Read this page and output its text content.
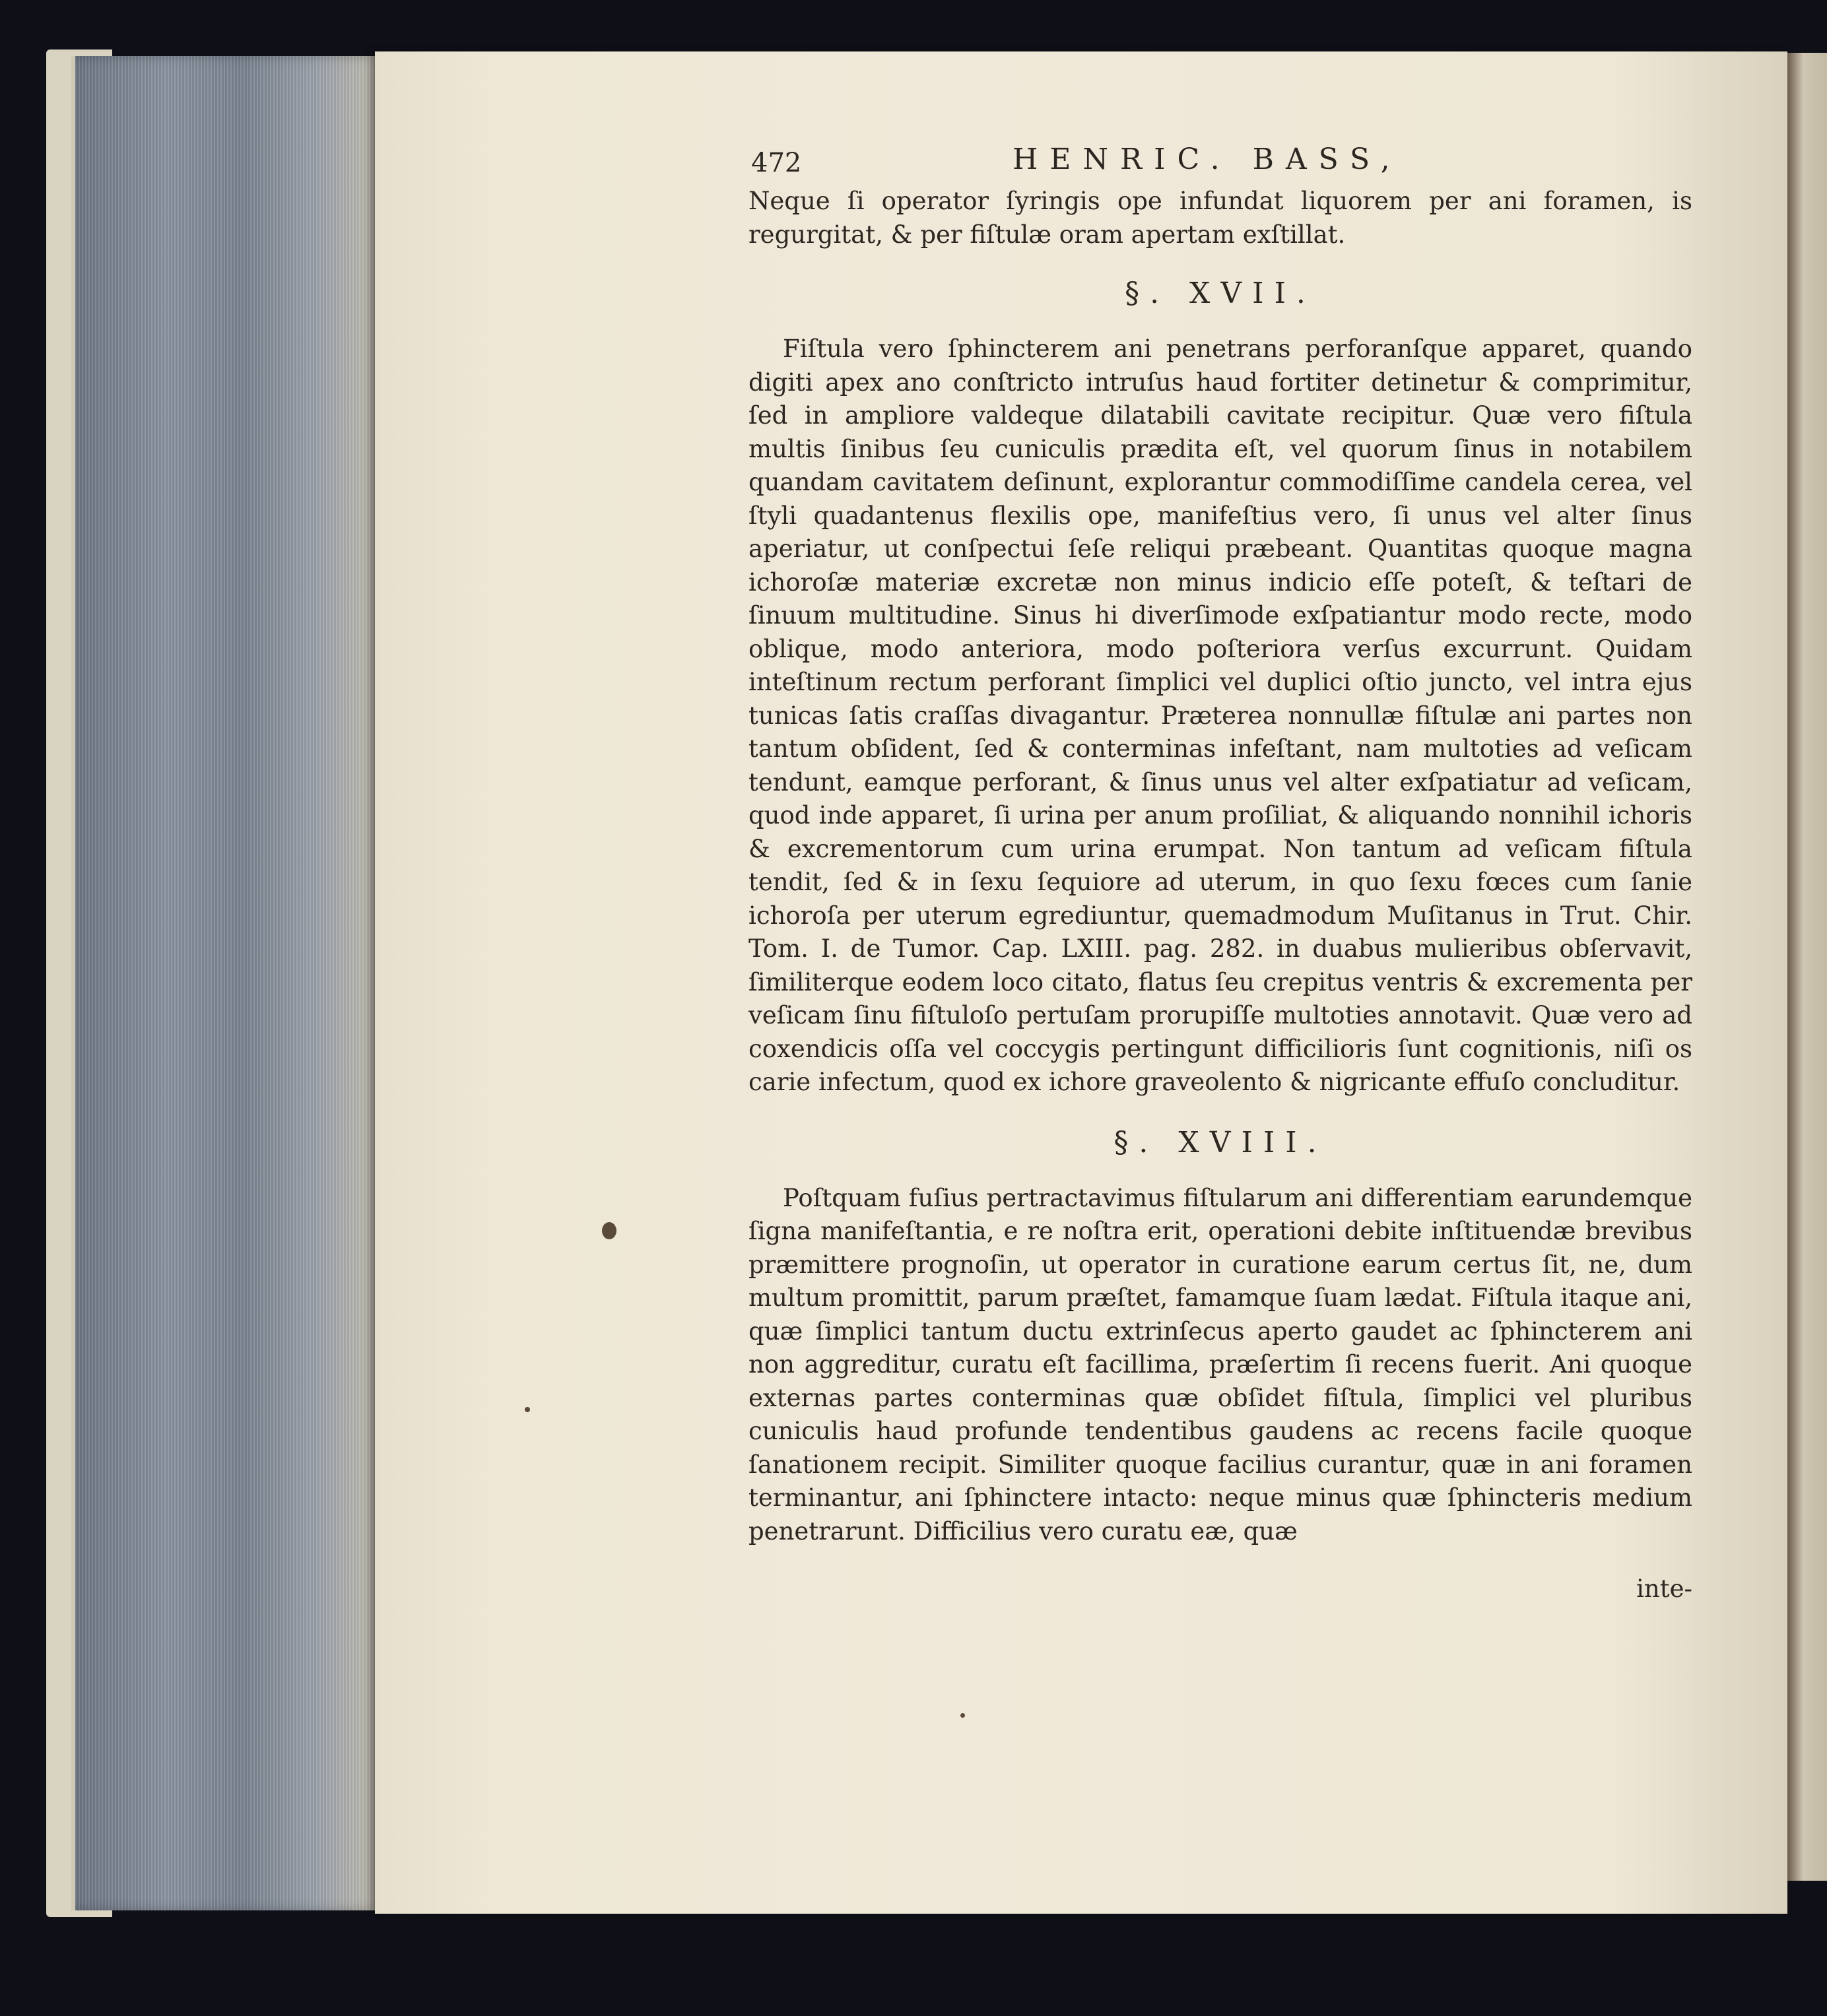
472	HENRIC. BASS,

Neque ſi operator ſyringis ope infundat liquorem per ani foramen, is regurgitat, & per fiſtulæ oram apertam exſtillat.

§. XVII.

Fiſtula vero ſphincterem ani penetrans perforanſque apparet, quando digiti apex ano conſtricto intruſus haud fortiter detinetur & comprimitur, ſed in ampliore valdeque dilatabili cavitate recipitur. Quæ vero fiſtula multis ſinibus ſeu cuniculis prædita eſt, vel quorum ſinus in notabilem quandam cavitatem deſinunt, explorantur commodiſſime candela cerea, vel ſtyli quadantenus flexilis ope, manifeſtius vero, ſi unus vel alter ſinus aperiatur, ut conſpectui ſeſe reliqui præbeant. Quantitas quoque magna ichoroſæ materiæ excretæ non minus indicio eſſe poteſt, & teſtari de ſinuum multitudine. Sinus hi diverſimode exſpatiantur modo recte, modo oblique, modo anteriora, modo poſteriora verſus excurrunt. Quidam inteſtinum rectum perforant ſimplici vel duplici oſtio juncto, vel intra ejus tunicas ſatis craſſas divagantur. Præterea nonnullæ fiſtulæ ani partes non tantum obſident, ſed & conterminas infeſtant, nam multoties ad veſicam tendunt, eamque perforant, & ſinus unus vel alter exſpatiatur ad veſicam, quod inde apparet, ſi urina per anum proſiliat, & aliquando nonnihil ichoris & excrementorum cum urina erumpat. Non tantum ad veſicam fiſtula tendit, ſed & in ſexu ſequiore ad uterum, in quo ſexu fœces cum ſanie ichoroſa per uterum egrediuntur, quemadmodum Muſitanus in Trut. Chir. Tom. I. de Tumor. Cap. LXIII. pag. 282. in duabus mulieribus obſervavit, ſimiliterque eodem loco citato, flatus ſeu crepitus ventris & excrementa per veſicam ſinu fiſtuloſo pertuſam prorupiſſe multoties annotavit. Quæ vero ad coxendicis oſſa vel coccygis pertingunt difficilioris ſunt cognitionis, niſi os carie infectum, quod ex ichore graveolento & nigricante effuſo concluditur.

§. XVIII.

Poſtquam fuſius pertractavimus fiſtularum ani differentiam earundemque ſigna manifeſtantia, e re noſtra erit, operationi debite inſtituendæ brevibus præmittere prognoſin, ut operator in curatione earum certus ſit, ne, dum multum promittit, parum præſtet, famamque ſuam lædat. Fiſtula itaque ani, quæ ſimplici tantum ductu extrinſecus aperto gaudet ac ſphincterem ani non aggreditur, curatu eſt facillima, præſertim ſi recens fuerit. Ani quoque externas partes conterminas quæ obſidet fiſtula, ſimplici vel pluribus cuniculis haud profunde tendentibus gaudens ac recens facile quoque ſanationem recipit. Similiter quoque facilius curantur, quæ in ani foramen terminantur, ani ſphinctere intacto: neque minus quæ ſphincteris medium penetrarunt. Difficilius vero curatu eæ, quæ

inte-
